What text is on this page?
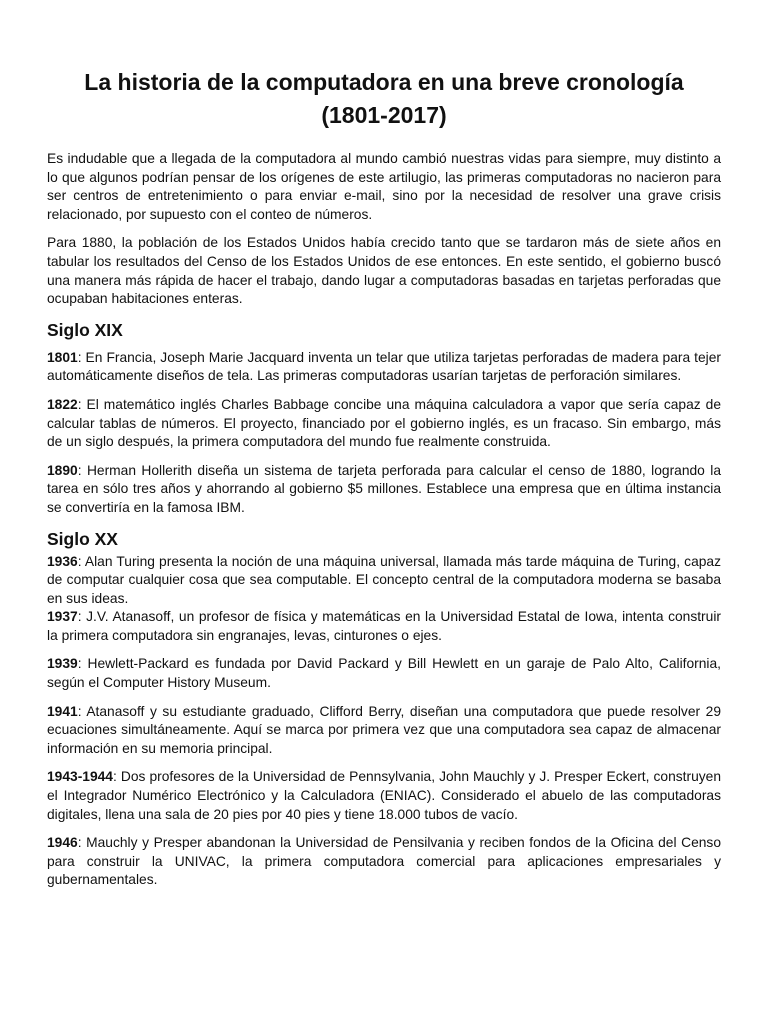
La historia de la computadora en una breve cronología
(1801-2017)

Es indudable que a llegada de la computadora al mundo cambió nuestras vidas para siempre, muy distinto a lo que algunos podrían pensar de los orígenes de este artilugio, las primeras computadoras no nacieron para ser centros de entretenimiento o para enviar e-mail, sino por la necesidad de resolver una grave crisis relacionado, por supuesto con el conteo de números.

Para 1880, la población de los Estados Unidos había crecido tanto que se tardaron más de siete años en tabular los resultados del Censo de los Estados Unidos de ese entonces. En este sentido, el gobierno buscó una manera más rápida de hacer el trabajo, dando lugar a computadoras basadas en tarjetas perforadas que ocupaban habitaciones enteras.

Siglo XIX

1801: En Francia, Joseph Marie Jacquard inventa un telar que utiliza tarjetas perforadas de madera para tejer automáticamente diseños de tela. Las primeras computadoras usarían tarjetas de perforación similares.

1822: El matemático inglés Charles Babbage concibe una máquina calculadora a vapor que sería capaz de calcular tablas de números. El proyecto, financiado por el gobierno inglés, es un fracaso. Sin embargo, más de un siglo después, la primera computadora del mundo fue realmente construida.

1890: Herman Hollerith diseña un sistema de tarjeta perforada para calcular el censo de 1880, logrando la tarea en sólo tres años y ahorrando al gobierno $5 millones. Establece una empresa que en última instancia se convertiría en la famosa IBM.

Siglo XX

1936: Alan Turing presenta la noción de una máquina universal, llamada más tarde máquina de Turing, capaz de computar cualquier cosa que sea computable. El concepto central de la computadora moderna se basaba en sus ideas.

1937: J.V. Atanasoff, un profesor de física y matemáticas en la Universidad Estatal de Iowa, intenta construir la primera computadora sin engranajes, levas, cinturones o ejes.

1939: Hewlett-Packard es fundada por David Packard y Bill Hewlett en un garaje de Palo Alto, California, según el Computer History Museum.

1941: Atanasoff y su estudiante graduado, Clifford Berry, diseñan una computadora que puede resolver 29 ecuaciones simultáneamente. Aquí se marca por primera vez que una computadora sea capaz de almacenar información en su memoria principal.

1943-1944: Dos profesores de la Universidad de Pennsylvania, John Mauchly y J. Presper Eckert, construyen el Integrador Numérico Electrónico y la Calculadora (ENIAC). Considerado el abuelo de las computadoras digitales, llena una sala de 20 pies por 40 pies y tiene 18.000 tubos de vacío.

1946: Mauchly y Presper abandonan la Universidad de Pensilvania y reciben fondos de la Oficina del Censo para construir la UNIVAC, la primera computadora comercial para aplicaciones empresariales y gubernamentales.
